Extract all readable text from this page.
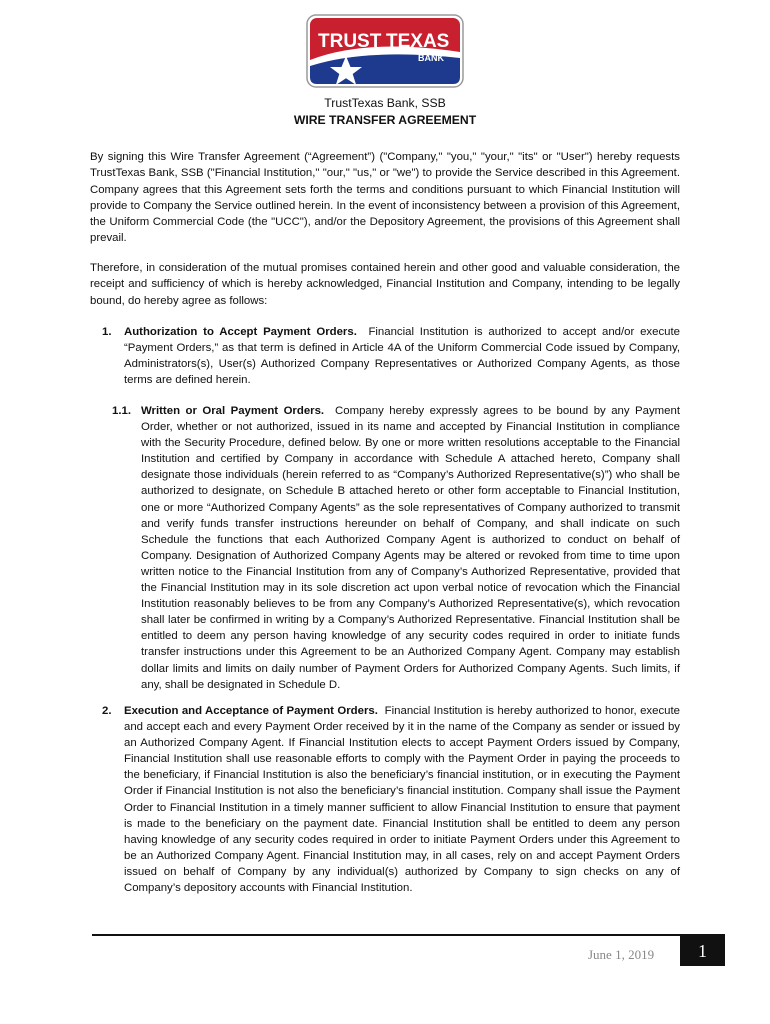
TRUST TEXAS
BANK
TrustTexas Bank, SSB
WIRE TRANSFER AGREEMENT

By signing this Wire Transfer Agreement (“Agreement”) ("Company," "you," "your," "its" or "User") hereby requests TrustTexas Bank, SSB ("Financial Institution," "our," "us," or "we") to provide the Service described in this Agreement. Company agrees that this Agreement sets forth the terms and conditions pursuant to which Financial Institution will provide to Company the Service outlined herein. In the event of inconsistency between a provision of this Agreement, the Uniform Commercial Code (the "UCC"), and/or the Depository Agreement, the provisions of this Agreement shall prevail.

Therefore, in consideration of the mutual promises contained herein and other good and valuable consideration, the receipt and sufficiency of which is hereby acknowledged, Financial Institution and Company, intending to be legally bound, do hereby agree as follows:

1. Authorization to Accept Payment Orders. Financial Institution is authorized to accept and/or execute “Payment Orders,” as that term is defined in Article 4A of the Uniform Commercial Code issued by Company, Administrators(s), User(s) Authorized Company Representatives or Authorized Company Agents, as those terms are defined herein.

1.1. Written or Oral Payment Orders. Company hereby expressly agrees to be bound by any Payment Order, whether or not authorized, issued in its name and accepted by Financial Institution in compliance with the Security Procedure, defined below. By one or more written resolutions acceptable to the Financial Institution and certified by Company in accordance with Schedule A attached hereto, Company shall designate those individuals (herein referred to as “Company’s Authorized Representative(s)”) who shall be authorized to designate, on Schedule B attached hereto or other form acceptable to Financial Institution, one or more “Authorized Company Agents” as the sole representatives of Company authorized to transmit and verify funds transfer instructions hereunder on behalf of Company, and shall indicate on such Schedule the functions that each Authorized Company Agent is authorized to conduct on behalf of Company. Designation of Authorized Company Agents may be altered or revoked from time to time upon written notice to the Financial Institution from any of Company’s Authorized Representative, provided that the Financial Institution may in its sole discretion act upon verbal notice of revocation which the Financial Institution reasonably believes to be from any Company’s Authorized Representative(s), which revocation shall later be confirmed in writing by a Company’s Authorized Representative. Financial Institution shall be entitled to deem any person having knowledge of any security codes required in order to initiate funds transfer instructions under this Agreement to be an Authorized Company Agent. Company may establish dollar limits and limits on daily number of Payment Orders for Authorized Company Agents. Such limits, if any, shall be designated in Schedule D.

2. Execution and Acceptance of Payment Orders. Financial Institution is hereby authorized to honor, execute and accept each and every Payment Order received by it in the name of the Company as sender or issued by an Authorized Company Agent. If Financial Institution elects to accept Payment Orders issued by Company, Financial Institution shall use reasonable efforts to comply with the Payment Order in paying the proceeds to the beneficiary, if Financial Institution is also the beneficiary’s financial institution, or in executing the Payment Order if Financial Institution is not also the beneficiary’s financial institution. Company shall issue the Payment Order to Financial Institution in a timely manner sufficient to allow Financial Institution to ensure that payment is made to the beneficiary on the payment date. Financial Institution shall be entitled to deem any person having knowledge of any security codes required in order to initiate Payment Orders under this Agreement to be an Authorized Company Agent. Financial Institution may, in all cases, rely on and accept Payment Orders issued on behalf of Company by any individual(s) authorized by Company to sign checks on any of Company’s depository accounts with Financial Institution.

June 1, 2019	1
